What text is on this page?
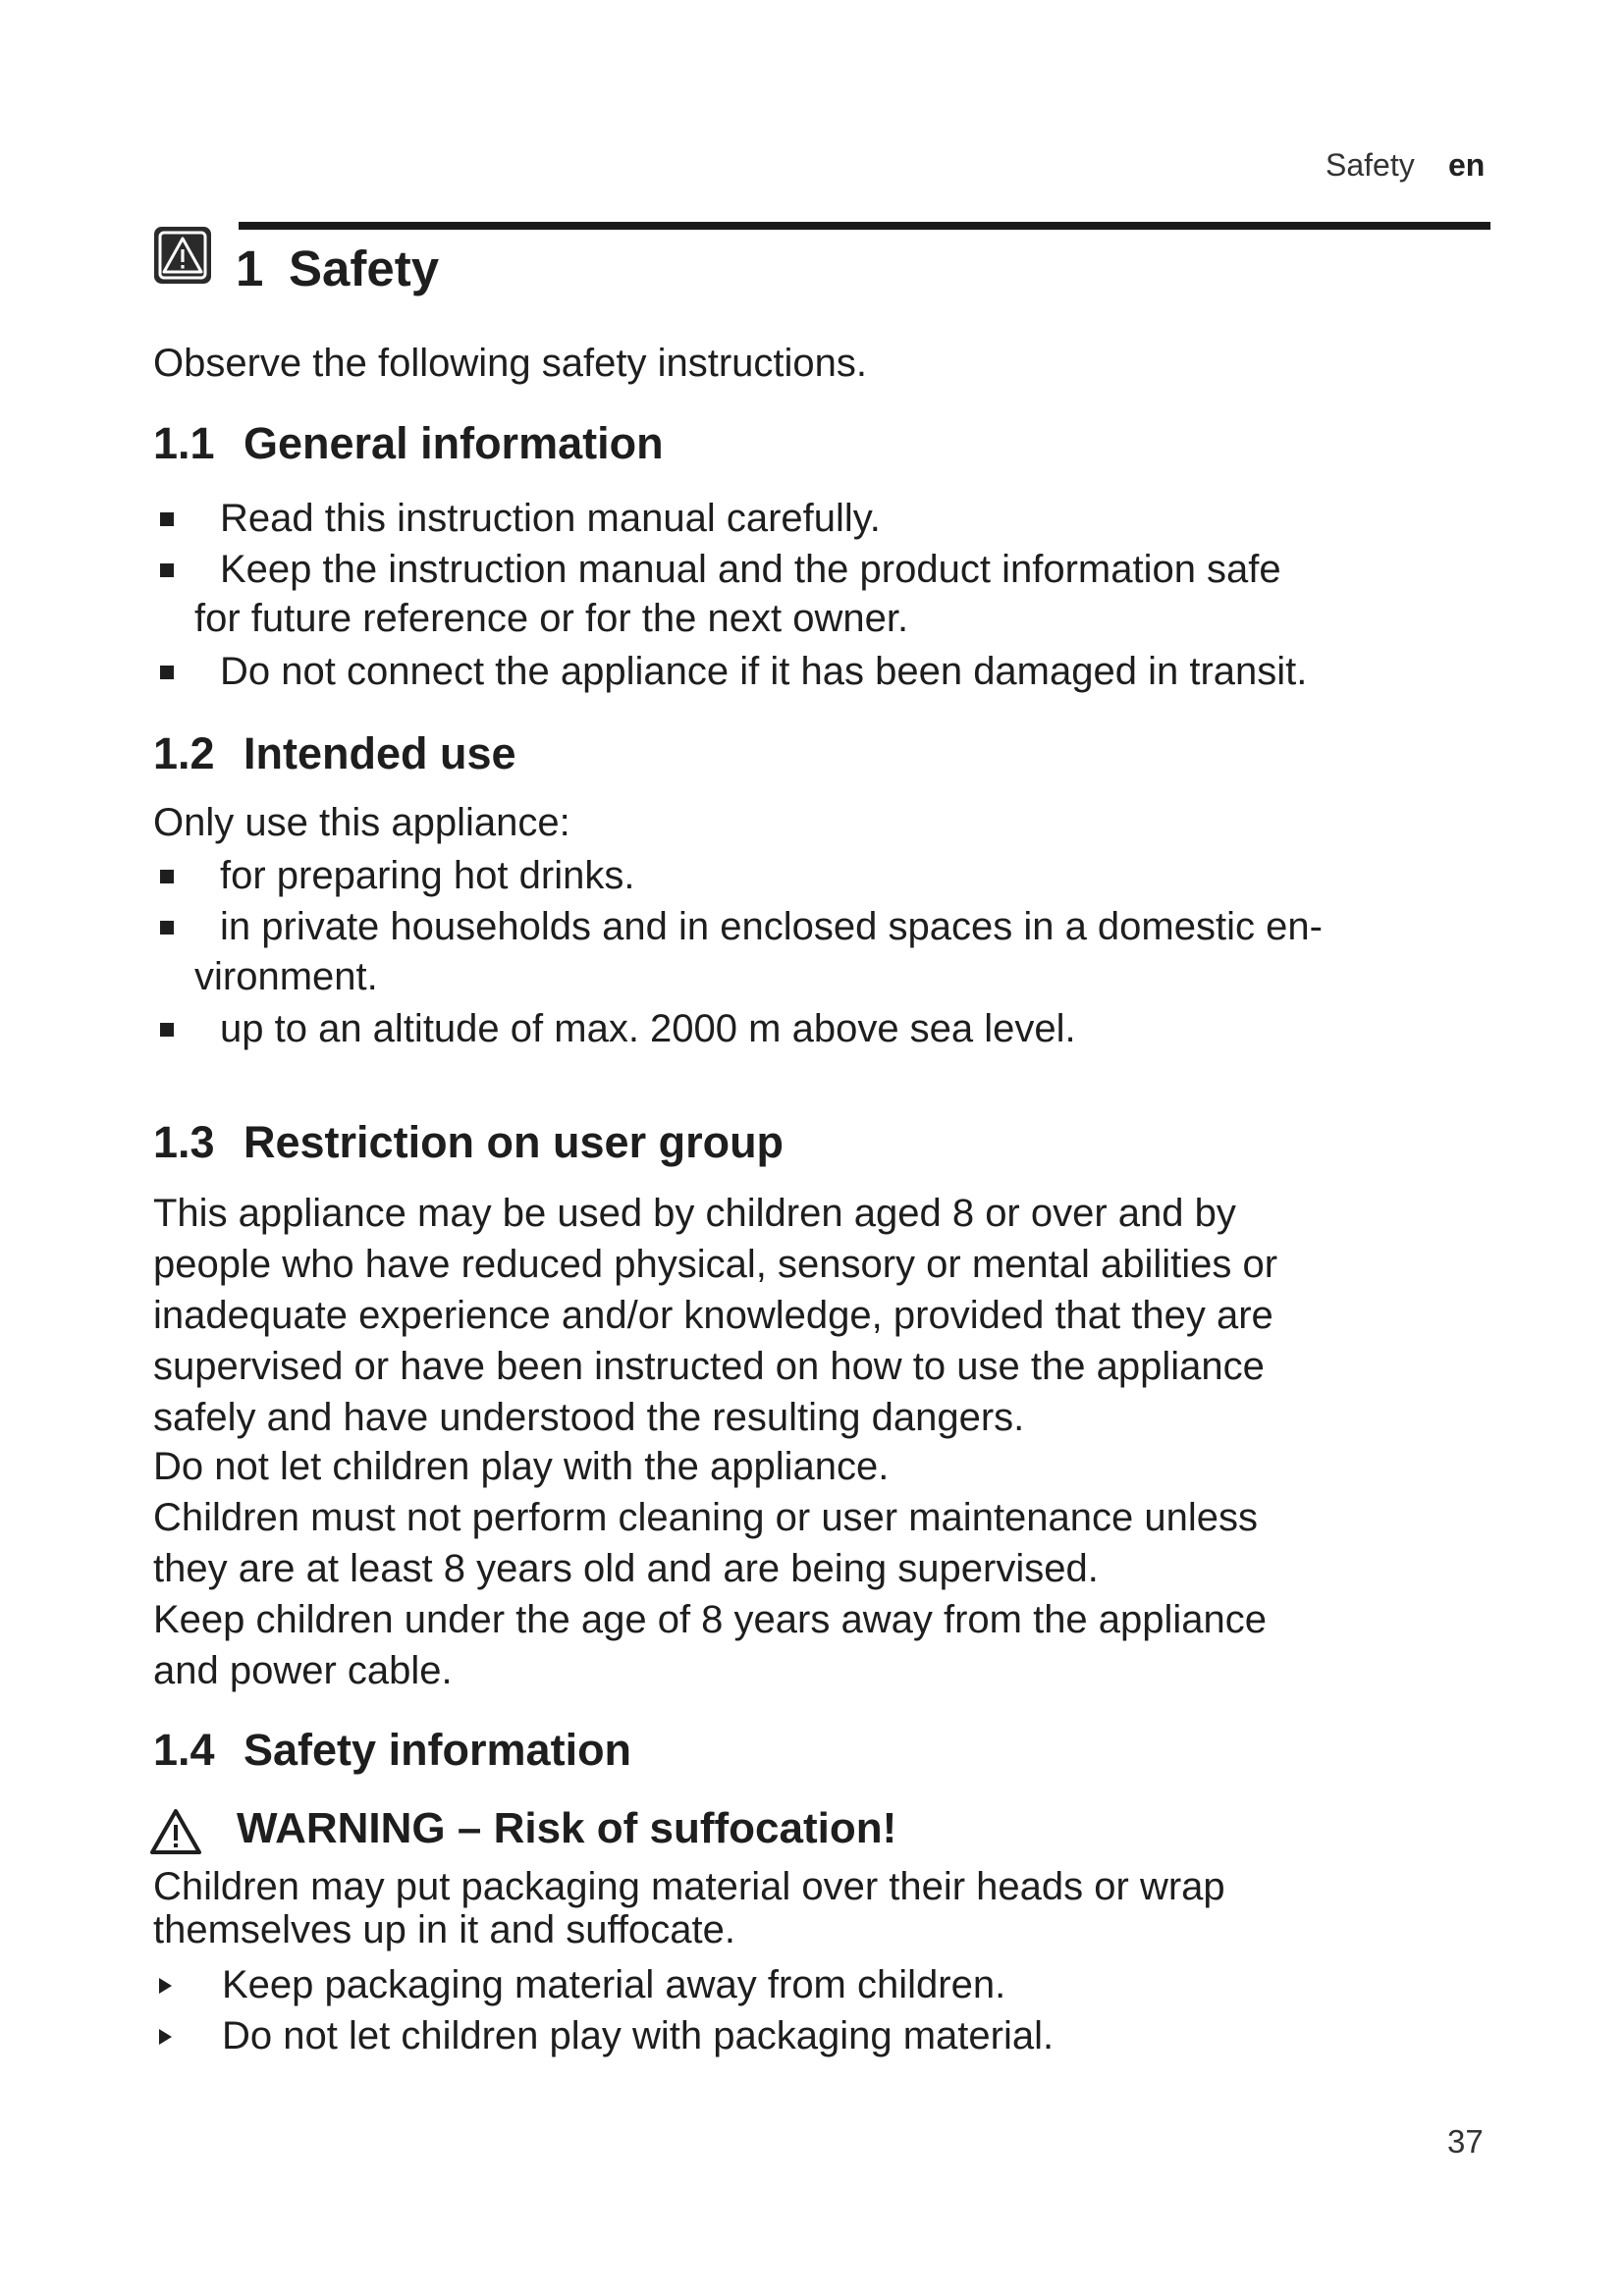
Safety en
1 Safety
Observe the following safety instructions.
1.1 General information
Read this instruction manual carefully.
Keep the instruction manual and the product information safe
for future reference or for the next owner.
Do not connect the appliance if it has been damaged in transit.
1.2 Intended use
Only use this appliance:
for preparing hot drinks.
in private households and in enclosed spaces in a domestic en-
vironment.
up to an altitude of max. 2000 m above sea level.
1.3 Restriction on user group
This appliance may be used by children aged 8 or over and by
people who have reduced physical, sensory or mental abilities or
inadequate experience and/or knowledge, provided that they are
supervised or have been instructed on how to use the appliance
safely and have understood the resulting dangers.
Do not let children play with the appliance.
Children must not perform cleaning or user maintenance unless
they are at least 8 years old and are being supervised.
Keep children under the age of 8 years away from the appliance
and power cable.
1.4 Safety information
WARNING – Risk of suffocation!
Children may put packaging material over their heads or wrap
themselves up in it and suffocate.
Keep packaging material away from children.
Do not let children play with packaging material.
37
